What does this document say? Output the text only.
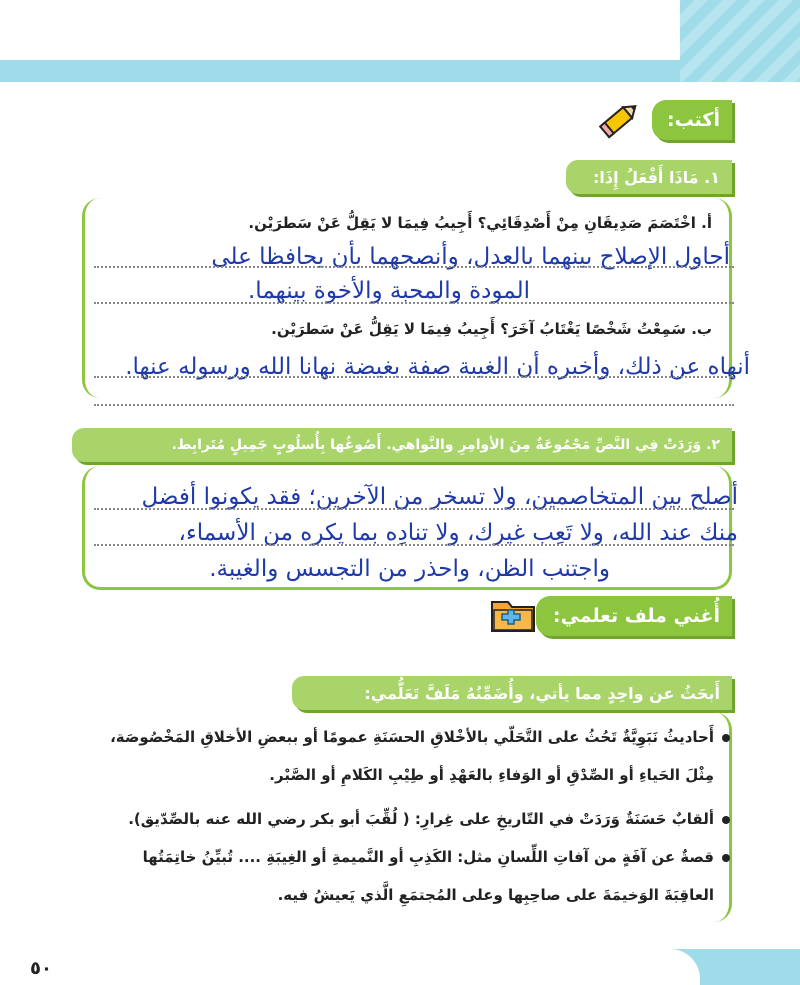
أكتب:
١. مَاذَا أَفْعَلُ إِذَا:
أ. اخْتَصَمَ صَدِيقَانِ مِنْ أَصْدِقَائِي؟ أَجِيبُ فِيمَا لا يَقِلُّ عَنْ سَطرَيْن.
أحاول الإصلاح بينهما بالعدل، وأنصحهما بأن يحافظا على
المودة والمحبة والأخوة بينهما.
ب. سَمِعْتُ شَخْصًا يَغْتَابُ آخَرَ؟ أَجِيبُ فِيمَا لا يَقِلُّ عَنْ سَطرَيْن.
أنهاه عن ذلك، وأخبره أن الغيبة صفة بغيضة نهانا الله ورسوله عنها.
٢. وَرَدَتْ فِي النَّصِّ مَجْمُوعَةٌ مِنَ الأوامِرِ والنَّواهي. أَصُوغُها بِأُسلُوبٍ جَمِيلٍ مُتَرابِط.
أصلح بين المتخاصمين، ولا تسخر من الآخرين؛ فقد يكونوا أفضل
منك عند الله، ولا تَعِب غيرك، ولا تنادِه بما يكره من الأسماء،
واجتنب الظن، واحذر من التجسس والغيبة.
أُغني ملف تعلمي:
أَبحَثُ عن واحِدٍ مما يأتي، وأُضَمِّنُهُ مَلَفَّ تَعَلُّمي:
أَحاديثُ نَبَوِيَّةٌ تَحُثُ على التَّحَلّي بالأخْلاقِ الحسَنَةِ عمومًا أو ببعضِ الأخلاقِ المَخْصُوصَة،
مِثْلَ الحَياءِ أو الصِّدْقِ أو الوَفاءِ بالعَهْدِ أو طِيْبِ الكَلامِ أو الصَّبْر.
ألقابٌ حَسَنَةٌ وَرَدَتْ في التّاريخِ على غِرارِ: ( لُقِّبَ أبو بكر رضي الله عنه بالصِّدّيق).
قصةٌ عن آفَةٍ من آفاتِ اللِّسانِ مثل: الكَذِبِ أو النَّميمةِ أو الغِيبَةِ .... تُبيِّنُ خاتِمَتُها
العاقِبَةَ الوَخيمَةَ على صاحِبِها وعلى المُجتمَعِ الَّذي يَعيشُ فيه.
٥٠
